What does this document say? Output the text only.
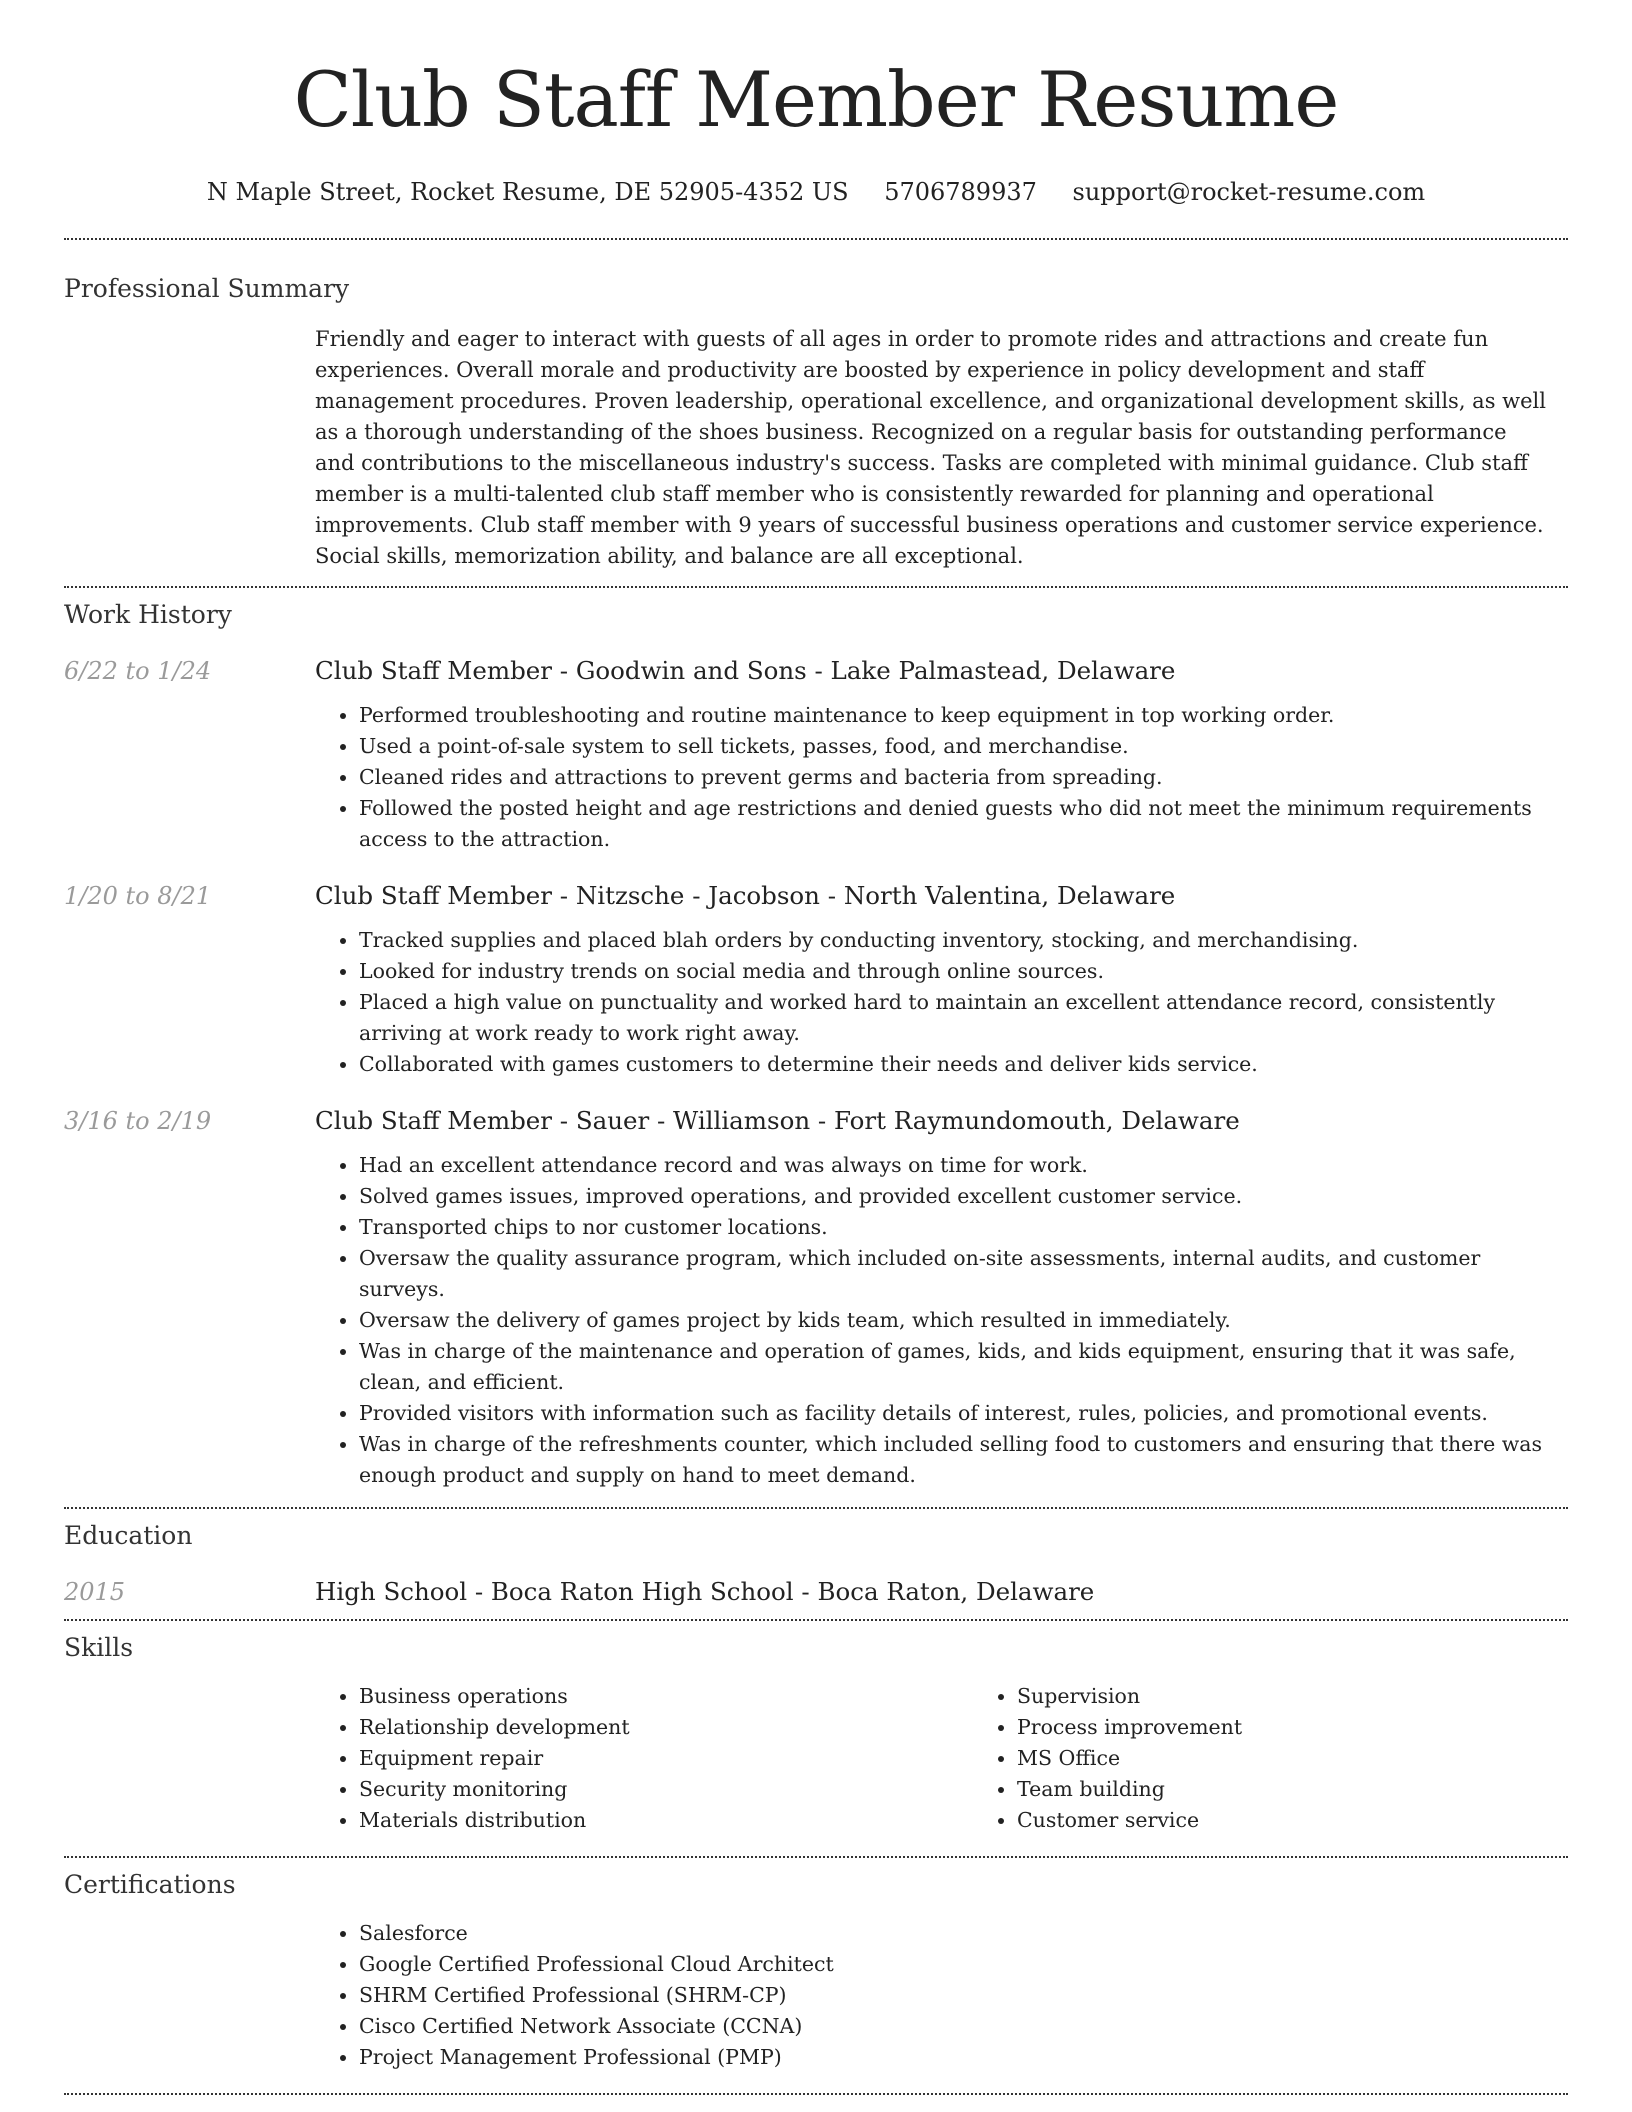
Club Staff Member Resume
N Maple Street, Rocket Resume, DE 52905-4352 US 5706789937 support@rocket-resume.com
Professional Summary

Friendly and eager to interact with guests of all ages in order to promote rides and attractions and create fun experiences. Overall morale and productivity are boosted by experience in policy development and staff management procedures. Proven leadership, operational excellence, and organizational development skills, as well as a thorough understanding of the shoes business. Recognized on a regular basis for outstanding performance and contributions to the miscellaneous industry's success. Tasks are completed with minimal guidance. Club staff member is a multi-talented club staff member who is consistently rewarded for planning and operational improvements. Club staff member with 9 years of successful business operations and customer service experience. Social skills, memorization ability, and balance are all exceptional.

Work History
6/22 to 1/24	Club Staff Member - Goodwin and Sons - Lake Palmastead, Delaware

• Performed troubleshooting and routine maintenance to keep equipment in top working order.
• Used a point-of-sale system to sell tickets, passes, food, and merchandise.
• Cleaned rides and attractions to prevent germs and bacteria from spreading.
• Followed the posted height and age restrictions and denied guests who did not meet the minimum requirements access to the attraction.
1/20 to 8/21	Club Staff Member - Nitzsche - Jacobson - North Valentina, Delaware

• Tracked supplies and placed blah orders by conducting inventory, stocking, and merchandising.
• Looked for industry trends on social media and through online sources.
• Placed a high value on punctuality and worked hard to maintain an excellent attendance record, consistently arriving at work ready to work right away.
• Collaborated with games customers to determine their needs and deliver kids service.
3/16 to 2/19	Club Staff Member - Sauer - Williamson - Fort Raymundomouth, Delaware

• Had an excellent attendance record and was always on time for work.
• Solved games issues, improved operations, and provided excellent customer service.
• Transported chips to nor customer locations.
• Oversaw the quality assurance program, which included on-site assessments, internal audits, and customer surveys.
• Oversaw the delivery of games project by kids team, which resulted in immediately.
• Was in charge of the maintenance and operation of games, kids, and kids equipment, ensuring that it was safe, clean, and efficient.
• Provided visitors with information such as facility details of interest, rules, policies, and promotional events.
• Was in charge of the refreshments counter, which included selling food to customers and ensuring that there was enough product and supply on hand to meet demand.
Education
2015	High School - Boca Raton High School - Boca Raton, Delaware

Skills
• Business operations
• Relationship development
• Equipment repair
• Security monitoring
• Materials distribution
• Supervision
• Process improvement
• MS Office
• Team building
• Customer service
Certifications
• Salesforce
• Google Certified Professional Cloud Architect
• SHRM Certified Professional (SHRM-CP)
• Cisco Certified Network Associate (CCNA)
• Project Management Professional (PMP)
